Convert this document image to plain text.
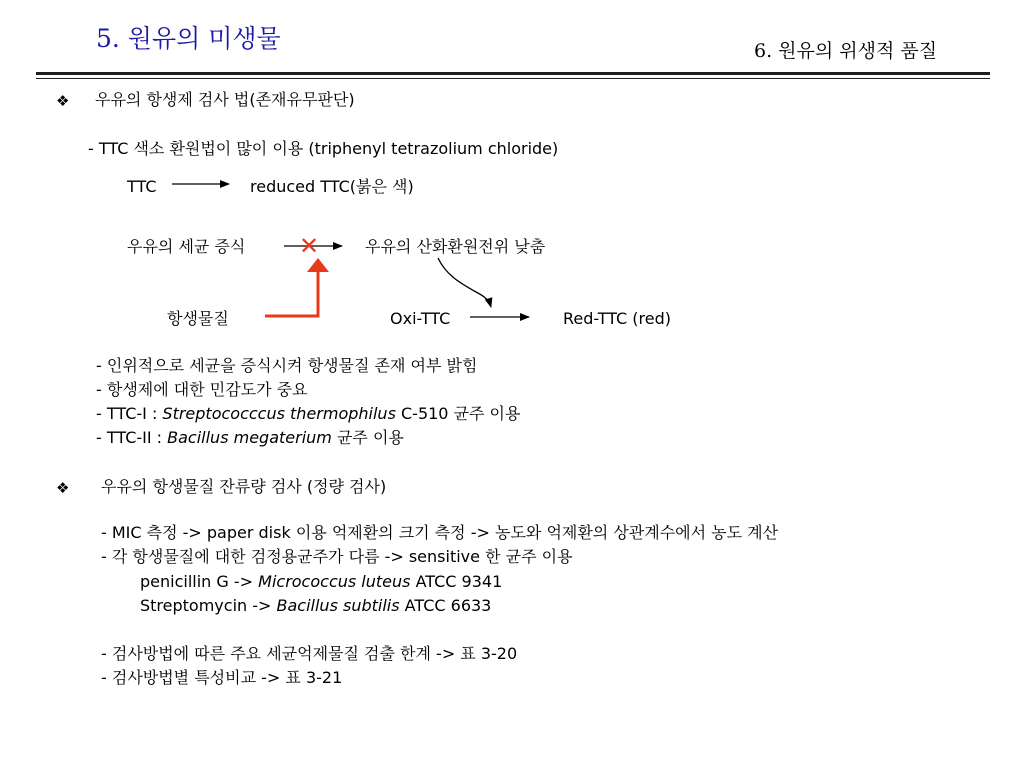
5. 원유의 미생물	6. 원유의 위생적 품질
❖ 우유의 항생제 검사 법(존재유무판단)
- TTC 색소 환원법이 많이 이용 (triphenyl tetrazolium chloride)
TTC	reduced TTC(붉은 색)
우유의 세균 증식	우유의 산화환원전위 낮춤
항생물질	Oxi-TTC	Red-TTC (red)
✕
- 인위적으로 세균을 증식시켜 항생물질 존재 여부 밝힘
- 항생제에 대한 민감도가 중요
- TTC-I : Streptococccus thermophilus C-510 균주 이용
- TTC-II : Bacillus megaterium 균주 이용
❖ 우유의 항생물질 잔류량 검사 (정량 검사)
- MIC 측정 -> paper disk 이용 억제환의 크기 측정 -> 농도와 억제환의 상관계수에서 농도 계산
- 각 항생물질에 대한 검정용균주가 다름 -> sensitive 한 균주 이용
penicillin G -> Micrococcus luteus ATCC 9341
Streptomycin -> Bacillus subtilis ATCC 6633
- 검사방법에 따른 주요 세균억제물질 검출 한계 -> 표 3-20
- 검사방법별 특성비교 -> 표 3-21
